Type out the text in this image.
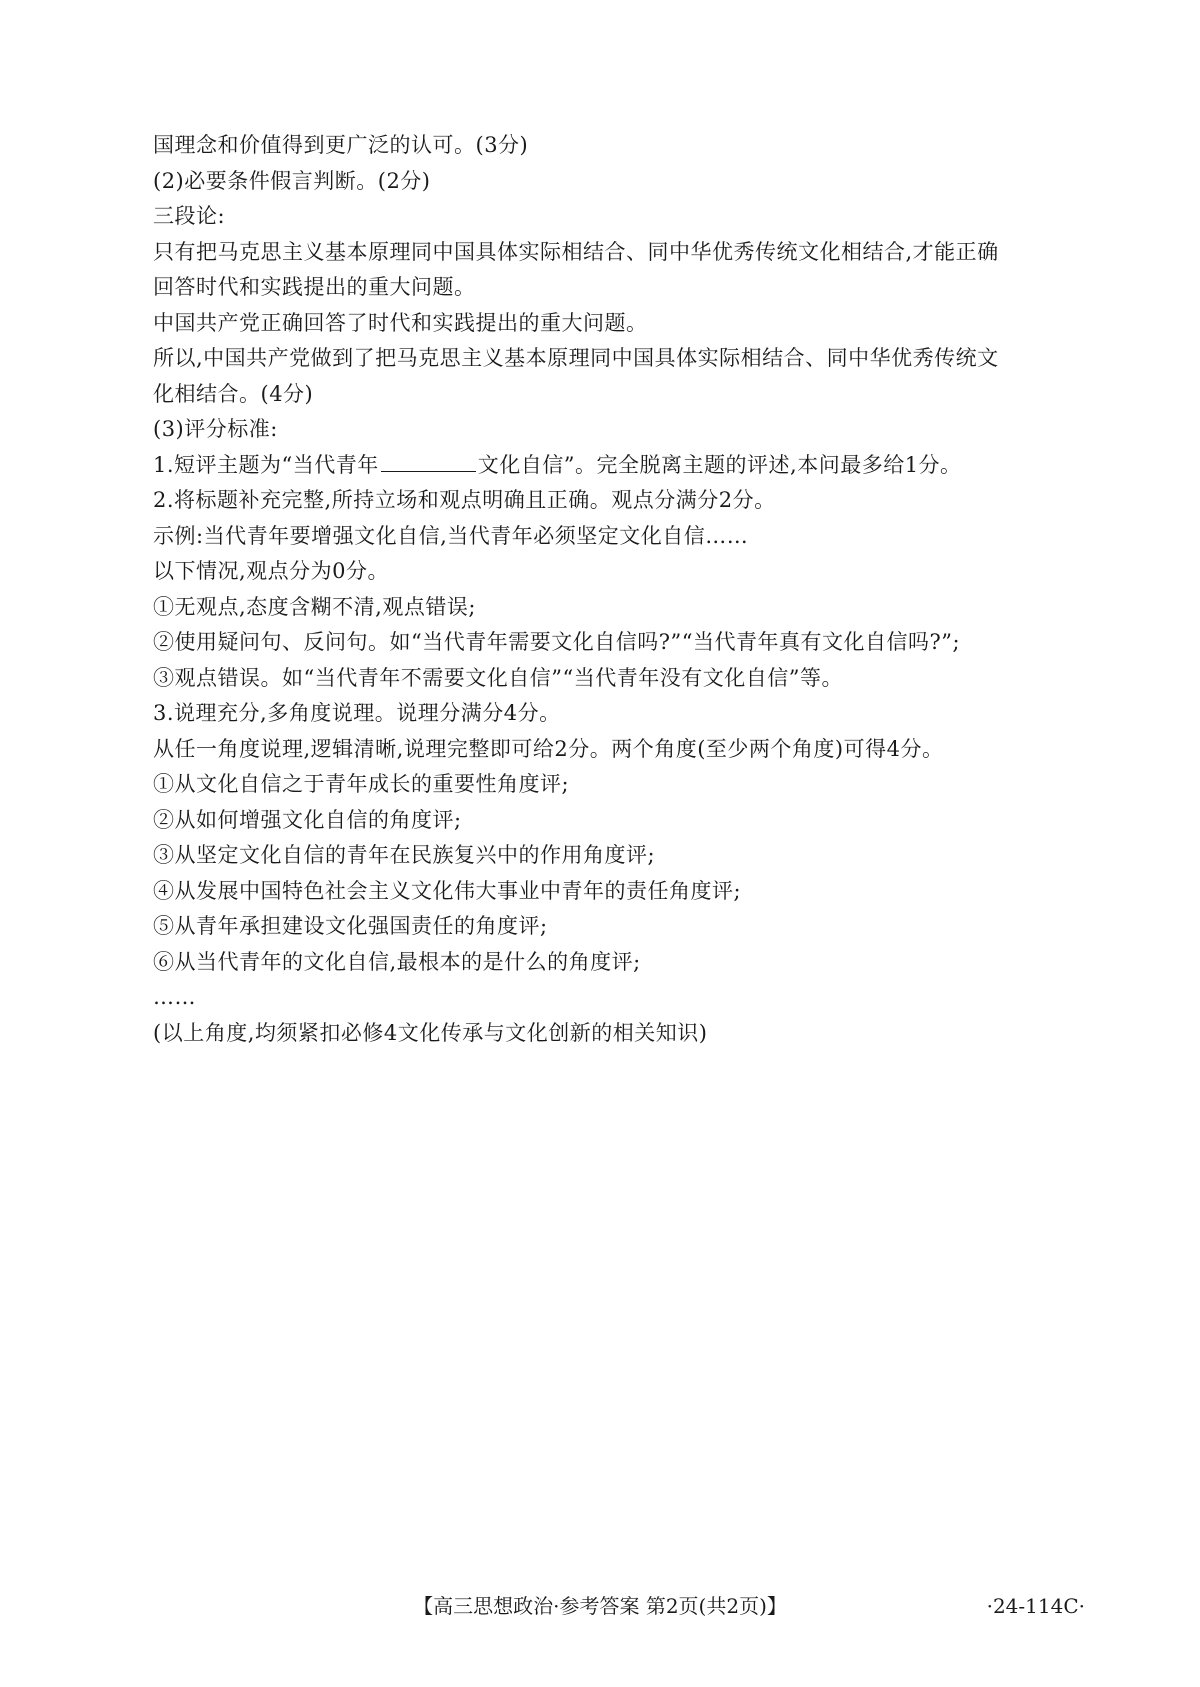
国理念和价值得到更广泛的认可。(3分)
(2)必要条件假言判断。(2分)
三段论:
只有把马克思主义基本原理同中国具体实际相结合、同中华优秀传统文化相结合,才能正确
回答时代和实践提出的重大问题。
中国共产党正确回答了时代和实践提出的重大问题。
所以,中国共产党做到了把马克思主义基本原理同中国具体实际相结合、同中华优秀传统文
化相结合。(4分)
(3)评分标准:
1.短评主题为“当代青年	文化自信”。完全脱离主题的评述,本问最多给1分。
2.将标题补充完整,所持立场和观点明确且正确。观点分满分2分。
示例:当代青年要增强文化自信,当代青年必须坚定文化自信……
以下情况,观点分为0分。
①无观点,态度含糊不清,观点错误;
②使用疑问句、反问句。如“当代青年需要文化自信吗?”“当代青年真有文化自信吗?”;
③观点错误。如“当代青年不需要文化自信”“当代青年没有文化自信”等。
3.说理充分,多角度说理。说理分满分4分。
从任一角度说理,逻辑清晰,说理完整即可给2分。两个角度(至少两个角度)可得4分。
①从文化自信之于青年成长的重要性角度评;
②从如何增强文化自信的角度评;
③从坚定文化自信的青年在民族复兴中的作用角度评;
④从发展中国特色社会主义文化伟大事业中青年的责任角度评;
⑤从青年承担建设文化强国责任的角度评;
⑥从当代青年的文化自信,最根本的是什么的角度评;
……
(以上角度,均须紧扣必修4文化传承与文化创新的相关知识)
【高三思想政治·参考答案 第2页(共2页)】	·24-114C·
